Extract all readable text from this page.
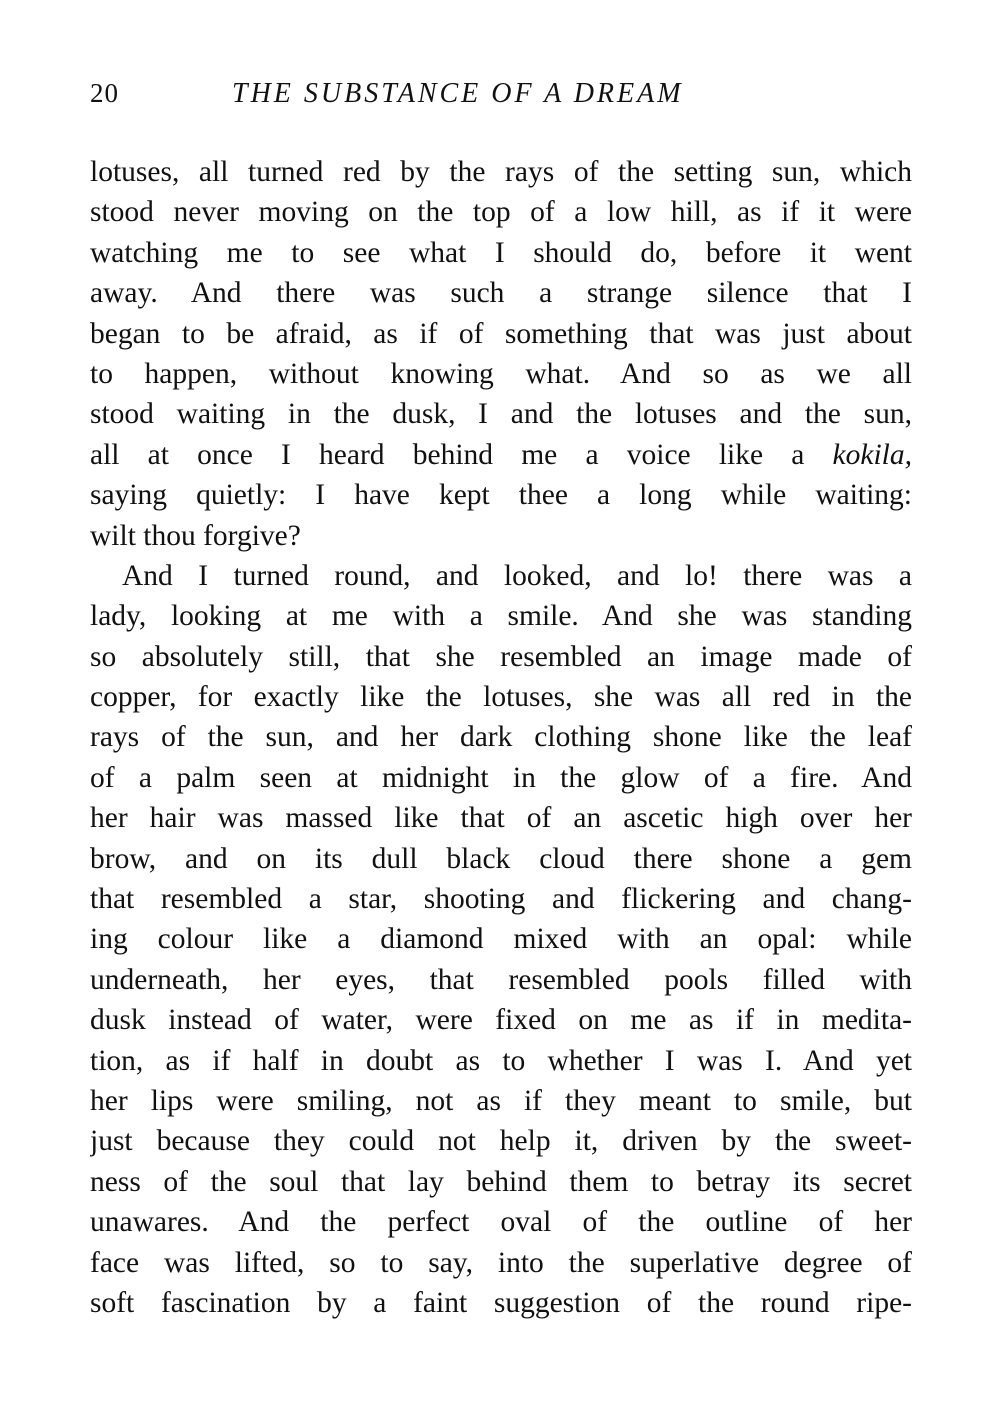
20	THE SUBSTANCE OF A DREAM
lotuses, all turned red by the rays of the setting sun, which
stood never moving on the top of a low hill, as if it were
watching me to see what I should do, before it went
away. And there was such a strange silence that I
began to be afraid, as if of something that was just about
to happen, without knowing what. And so as we all
stood waiting in the dusk, I and the lotuses and the sun,
all at once I heard behind me a voice like a kokila,
saying quietly: I have kept thee a long while waiting:
wilt thou forgive?
And I turned round, and looked, and lo! there was a
lady, looking at me with a smile. And she was standing
so absolutely still, that she resembled an image made of
copper, for exactly like the lotuses, she was all red in the
rays of the sun, and her dark clothing shone like the leaf
of a palm seen at midnight in the glow of a fire. And
her hair was massed like that of an ascetic high over her
brow, and on its dull black cloud there shone a gem
that resembled a star, shooting and flickering and chang-
ing colour like a diamond mixed with an opal: while
underneath, her eyes, that resembled pools filled with
dusk instead of water, were fixed on me as if in medita-
tion, as if half in doubt as to whether I was I. And yet
her lips were smiling, not as if they meant to smile, but
just because they could not help it, driven by the sweet-
ness of the soul that lay behind them to betray its secret
unawares. And the perfect oval of the outline of her
face was lifted, so to say, into the superlative degree of
soft fascination by a faint suggestion of the round ripe-
